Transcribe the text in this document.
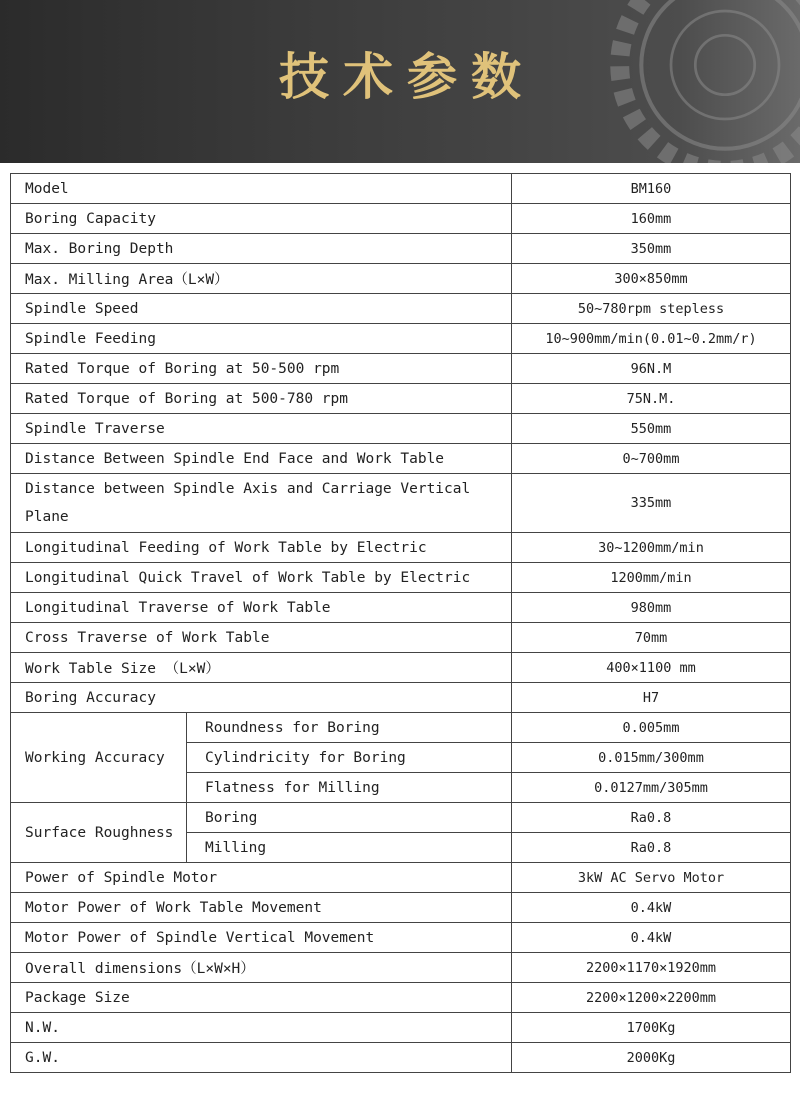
技术参数
Model		BM160
Boring Capacity		160mm
Max. Boring Depth		350mm
Max. Milling Area（L×W）		300×850mm
Spindle Speed		50~780rpm stepless
Spindle Feeding		10~900mm/min(0.01~0.2mm/r)
Rated Torque of Boring at 50-500 rpm		96N.M
Rated Torque of Boring at 500-780 rpm		75N.M.
Spindle Traverse		550mm
Distance Between Spindle End Face and Work Table		0~700mm
Distance between Spindle Axis and Carriage Vertical Plane		335mm
Longitudinal Feeding of Work Table by Electric		30~1200mm/min
Longitudinal Quick Travel of Work Table by Electric		1200mm/min
Longitudinal Traverse of Work Table		980mm
Cross Traverse of Work Table		70mm
Work Table Size （L×W）		400×1100 mm
Boring Accuracy		H7
Working Accuracy	Roundness for Boring	0.005mm
	Cylindricity for Boring	0.015mm/300mm
	Flatness for Milling	0.0127mm/305mm
Surface Roughness	Boring	Ra0.8
	Milling	Ra0.8
Power of Spindle Motor		3kW AC Servo Motor
Motor Power of Work Table Movement		0.4kW
Motor Power of Spindle Vertical Movement		0.4kW
Overall dimensions（L×W×H）		2200×1170×1920mm
Package Size		2200×1200×2200mm
N.W.		1700Kg
G.W.		2000Kg
